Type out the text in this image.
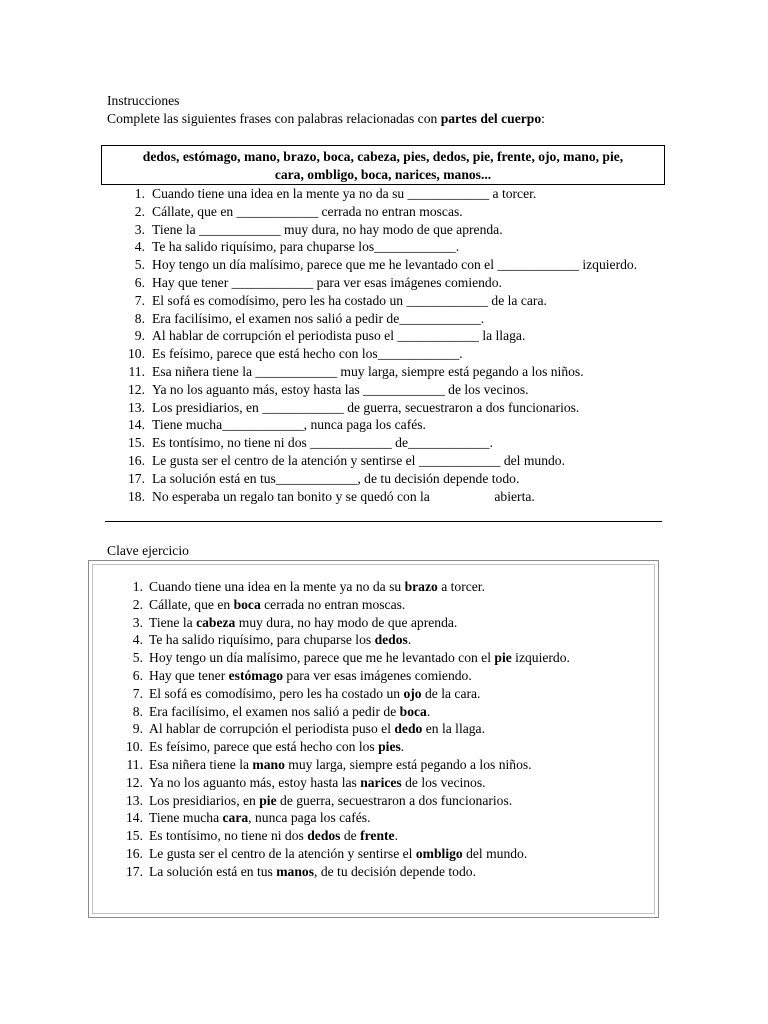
Instrucciones
Complete las siguientes frases con palabras relacionadas con partes del cuerpo:
dedos, estómago, mano, brazo, boca, cabeza, pies, dedos, pie, frente, ojo, mano, pie,
cara, ombligo, boca, narices, manos...
1. Cuando tiene una idea en la mente ya no da su ____________ a torcer.
2. Cállate, que en ____________ cerrada no entran moscas.
3. Tiene la ____________ muy dura, no hay modo de que aprenda.
4. Te ha salido riquísimo, para chuparse los____________.
5. Hoy tengo un día malísimo, parece que me he levantado con el ____________ izquierdo.
6. Hay que tener ____________ para ver esas imágenes comiendo.
7. El sofá es comodísimo, pero les ha costado un ____________ de la cara.
8. Era facilísimo, el examen nos salió a pedir de____________.
9. Al hablar de corrupción el periodista puso el ____________ la llaga.
10. Es feísimo, parece que está hecho con los____________.
11. Esa niñera tiene la ____________ muy larga, siempre está pegando a los niños.
12. Ya no los aguanto más, estoy hasta las ____________ de los vecinos.
13. Los presidiarios, en ____________ de guerra, secuestraron a dos funcionarios.
14. Tiene mucha____________, nunca paga los cafés.
15. Es tontísimo, no tiene ni dos ____________ de____________.
16. Le gusta ser el centro de la atención y sentirse el ____________ del mundo.
17. La solución está en tus____________, de tu decisión depende todo.
18. No esperaba un regalo tan bonito y se quedó con la                   abierta.
Clave ejercicio
1. Cuando tiene una idea en la mente ya no da su brazo a torcer.
2. Cállate, que en boca cerrada no entran moscas.
3. Tiene la cabeza muy dura, no hay modo de que aprenda.
4. Te ha salido riquísimo, para chuparse los dedos.
5. Hoy tengo un día malísimo, parece que me he levantado con el pie izquierdo.
6. Hay que tener estómago para ver esas imágenes comiendo.
7. El sofá es comodísimo, pero les ha costado un ojo de la cara.
8. Era facilísimo, el examen nos salió a pedir de boca.
9. Al hablar de corrupción el periodista puso el dedo en la llaga.
10. Es feísimo, parece que está hecho con los pies.
11. Esa niñera tiene la mano muy larga, siempre está pegando a los niños.
12. Ya no los aguanto más, estoy hasta las narices de los vecinos.
13. Los presidiarios, en pie de guerra, secuestraron a dos funcionarios.
14. Tiene mucha cara, nunca paga los cafés.
15. Es tontísimo, no tiene ni dos dedos de frente.
16. Le gusta ser el centro de la atención y sentirse el ombligo del mundo.
17. La solución está en tus manos, de tu decisión depende todo.
